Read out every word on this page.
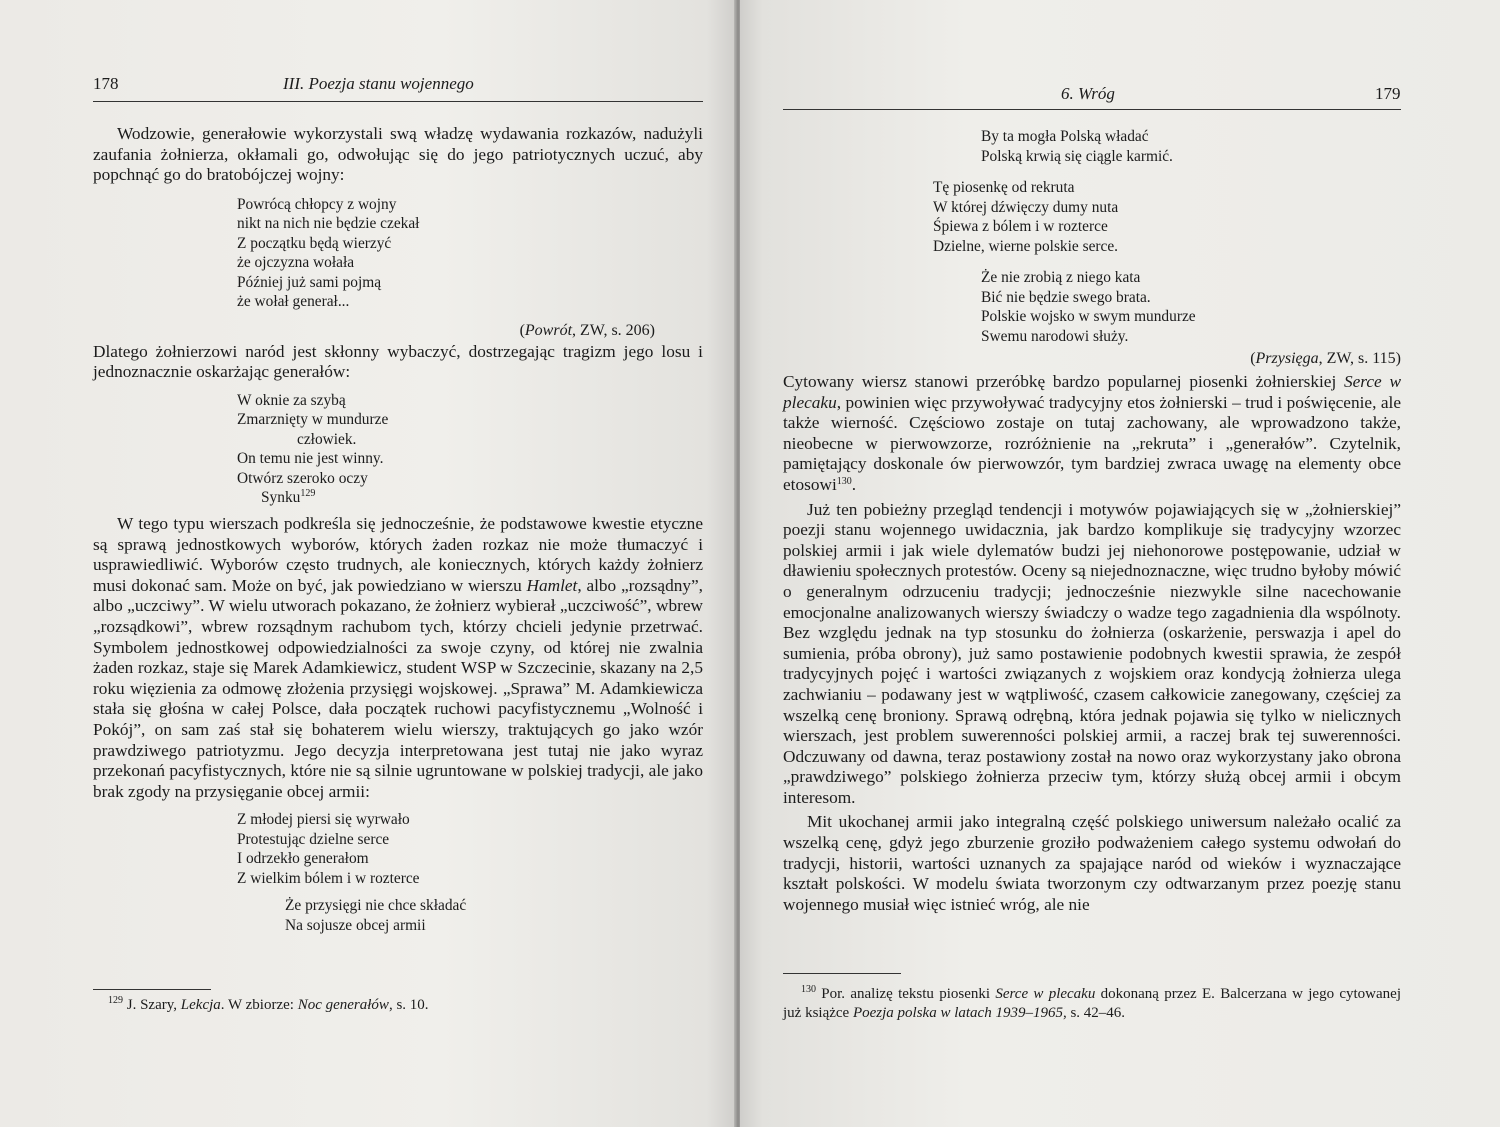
178	III. Poezja stanu wojennego

Wodzowie, generałowie wykorzystali swą władzę wydawania rozkazów, nadużyli zaufania żołnierza, okłamali go, odwołując się do jego patriotycznych uczuć, aby popchnąć go do bratobójczej wojny:

Powrócą chłopcy z wojny
nikt na nich nie będzie czekał
Z początku będą wierzyć
że ojczyzna wołała
Później już sami pojmą
że wołał generał...
(Powrót, ZW, s. 206)

Dlatego żołnierzowi naród jest skłonny wybaczyć, dostrzegając tragizm jego losu i jednoznacznie oskarżając generałów:

W oknie za szybą
Zmarznięty w mundurze
człowiek.
On temu nie jest winny.
Otwórz szeroko oczy
Synku$^{129}$

W tego typu wierszach podkreśla się jednocześnie, że podstawowe kwestie etyczne są sprawą jednostkowych wyborów, których żaden rozkaz nie może tłumaczyć i usprawiedliwić. Wyborów często trudnych, ale koniecznych, których każdy żołnierz musi dokonać sam. Może on być, jak powiedziano w wierszu Hamlet, albo „rozsądny”, albo „uczciwy”. W wielu utworach pokazano, że żołnierz wybierał „uczciwość”, wbrew „rozsądkowi”, wbrew rozsądnym rachubom tych, którzy chcieli jedynie przetrwać. Symbolem jednostkowej odpowiedzialności za swoje czyny, od której nie zwalnia żaden rozkaz, staje się Marek Adamkiewicz, student WSP w Szczecinie, skazany na 2,5 roku więzienia za odmowę złożenia przysięgi wojskowej. „Sprawa” M. Adamkiewicza stała się głośna w całej Polsce, dała początek ruchowi pacyfistycznemu „Wolność i Pokój”, on sam zaś stał się bohaterem wielu wierszy, traktujących go jako wzór prawdziwego patriotyzmu. Jego decyzja interpretowana jest tutaj nie jako wyraz przekonań pacyfistycznych, które nie są silnie ugruntowane w polskiej tradycji, ale jako brak zgody na przysięganie obcej armii:

Z młodej piersi się wyrwało
Protestując dzielne serce
I odrzekło generałom
Z wielkim bólem i w rozterce
Że przysięgi nie chce składać
Na sojusze obcej armii
$^{129}$ J. Szary, Lekcja. W zbiorze: Noc generałów, s. 10.
6. Wróg	179
By ta mogła Polską władać
Polską krwią się ciągle karmić.
Tę piosenkę od rekruta
W której dźwięczy dumy nuta
Śpiewa z bólem i w rozterce
Dzielne, wierne polskie serce.
Że nie zrobią z niego kata
Bić nie będzie swego brata.
Polskie wojsko w swym mundurze
Swemu narodowi służy.
(Przysięga, ZW, s. 115)

Cytowany wiersz stanowi przeróbkę bardzo popularnej piosenki żołnierskiej Serce w plecaku, powinien więc przywoływać tradycyjny etos żołnierski – trud i poświęcenie, ale także wierność. Częściowo zostaje on tutaj zachowany, ale wprowadzono także, nieobecne w pierwowzorze, rozróżnienie na „rekruta” i „generałów”. Czytelnik, pamiętający doskonale ów pierwowzór, tym bardziej zwraca uwagę na elementy obce etosowi$^{130}$.

Już ten pobieżny przegląd tendencji i motywów pojawiających się w „żołnierskiej” poezji stanu wojennego uwidacznia, jak bardzo komplikuje się tradycyjny wzorzec polskiej armii i jak wiele dylematów budzi jej niehonorowe postępowanie, udział w dławieniu społecznych protestów. Oceny są niejednoznaczne, więc trudno byłoby mówić o generalnym odrzuceniu tradycji; jednocześnie niezwykle silne nacechowanie emocjonalne analizowanych wierszy świadczy o wadze tego zagadnienia dla wspólnoty. Bez względu jednak na typ stosunku do żołnierza (oskarżenie, perswazja i apel do sumienia, próba obrony), już samo postawienie podobnych kwestii sprawia, że zespół tradycyjnych pojęć i wartości związanych z wojskiem oraz kondycją żołnierza ulega zachwianiu – podawany jest w wątpliwość, czasem całkowicie zanegowany, częściej za wszelką cenę broniony. Sprawą odrębną, która jednak pojawia się tylko w nielicznych wierszach, jest problem suwerenności polskiej armii, a raczej brak tej suwerenności. Odczuwany od dawna, teraz postawiony został na nowo oraz wykorzystany jako obrona „prawdziwego” polskiego żołnierza przeciw tym, którzy służą obcej armii i obcym interesom.

Mit ukochanej armii jako integralną część polskiego uniwersum należało ocalić za wszelką cenę, gdyż jego zburzenie groziło podważeniem całego systemu odwołań do tradycji, historii, wartości uznanych za spajające naród od wieków i wyznaczające kształt polskości. W modelu świata tworzonym czy odtwarzanym przez poezję stanu wojennego musiał więc istnieć wróg, ale nie

$^{130}$ Por. analizę tekstu piosenki Serce w plecaku dokonaną przez E. Balcerzana w jego cytowanej już książce Poezja polska w latach 1939–1965, s. 42–46.
